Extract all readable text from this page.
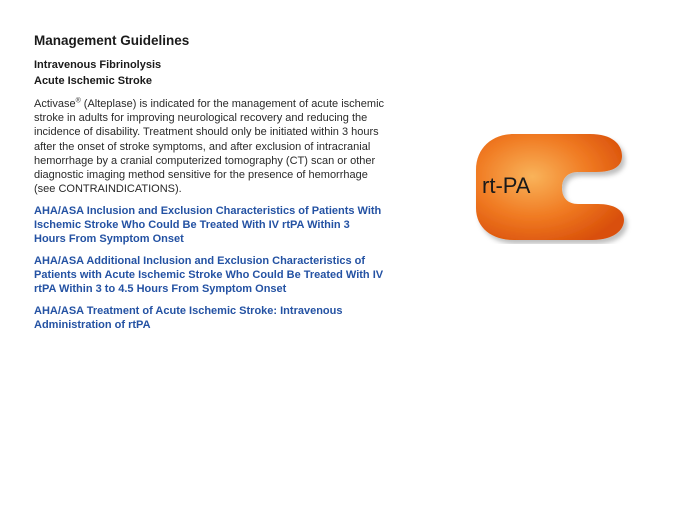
Management Guidelines

Intravenous Fibrinolysis

Acute Ischemic Stroke

Activase® (Alteplase) is indicated for the management of acute ischemic stroke in adults for improving neurological recovery and reducing the incidence of disability. Treatment should only be initiated within 3 hours after the onset of stroke symptoms, and after exclusion of intracranial hemorrhage by a cranial computerized tomography (CT) scan or other diagnostic imaging method sensitive for the presence of hemorrhage (see CONTRAINDICATIONS).

AHA/ASA Inclusion and Exclusion Characteristics of Patients With Ischemic Stroke Who Could Be Treated With IV rtPA Within 3 Hours From Symptom Onset
AHA/ASA Additional Inclusion and Exclusion Characteristics of Patients with Acute Ischemic Stroke Who Could Be Treated With IV rtPA Within 3 to 4.5 Hours From Symptom Onset
AHA/ASA Treatment of Acute Ischemic Stroke: Intravenous Administration of rtPA
rt-PA
